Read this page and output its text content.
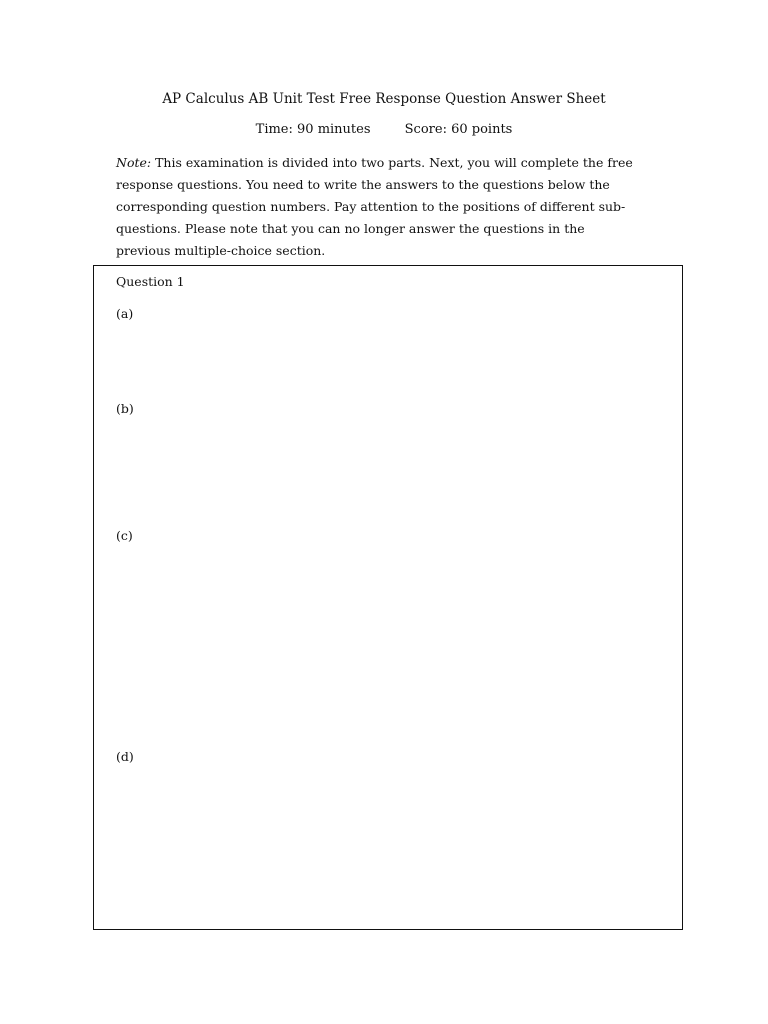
AP Calculus AB Unit Test Free Response Question Answer Sheet
Time: 90 minutes	Score: 60 points
Note: This examination is divided into two parts. Next, you will complete the free response questions. You need to write the answers to the questions below the corresponding question numbers. Pay attention to the positions of different sub-questions. Please note that you can no longer answer the questions in the previous multiple-choice section.
Question 1
(a)
(b)
(c)
(d)
